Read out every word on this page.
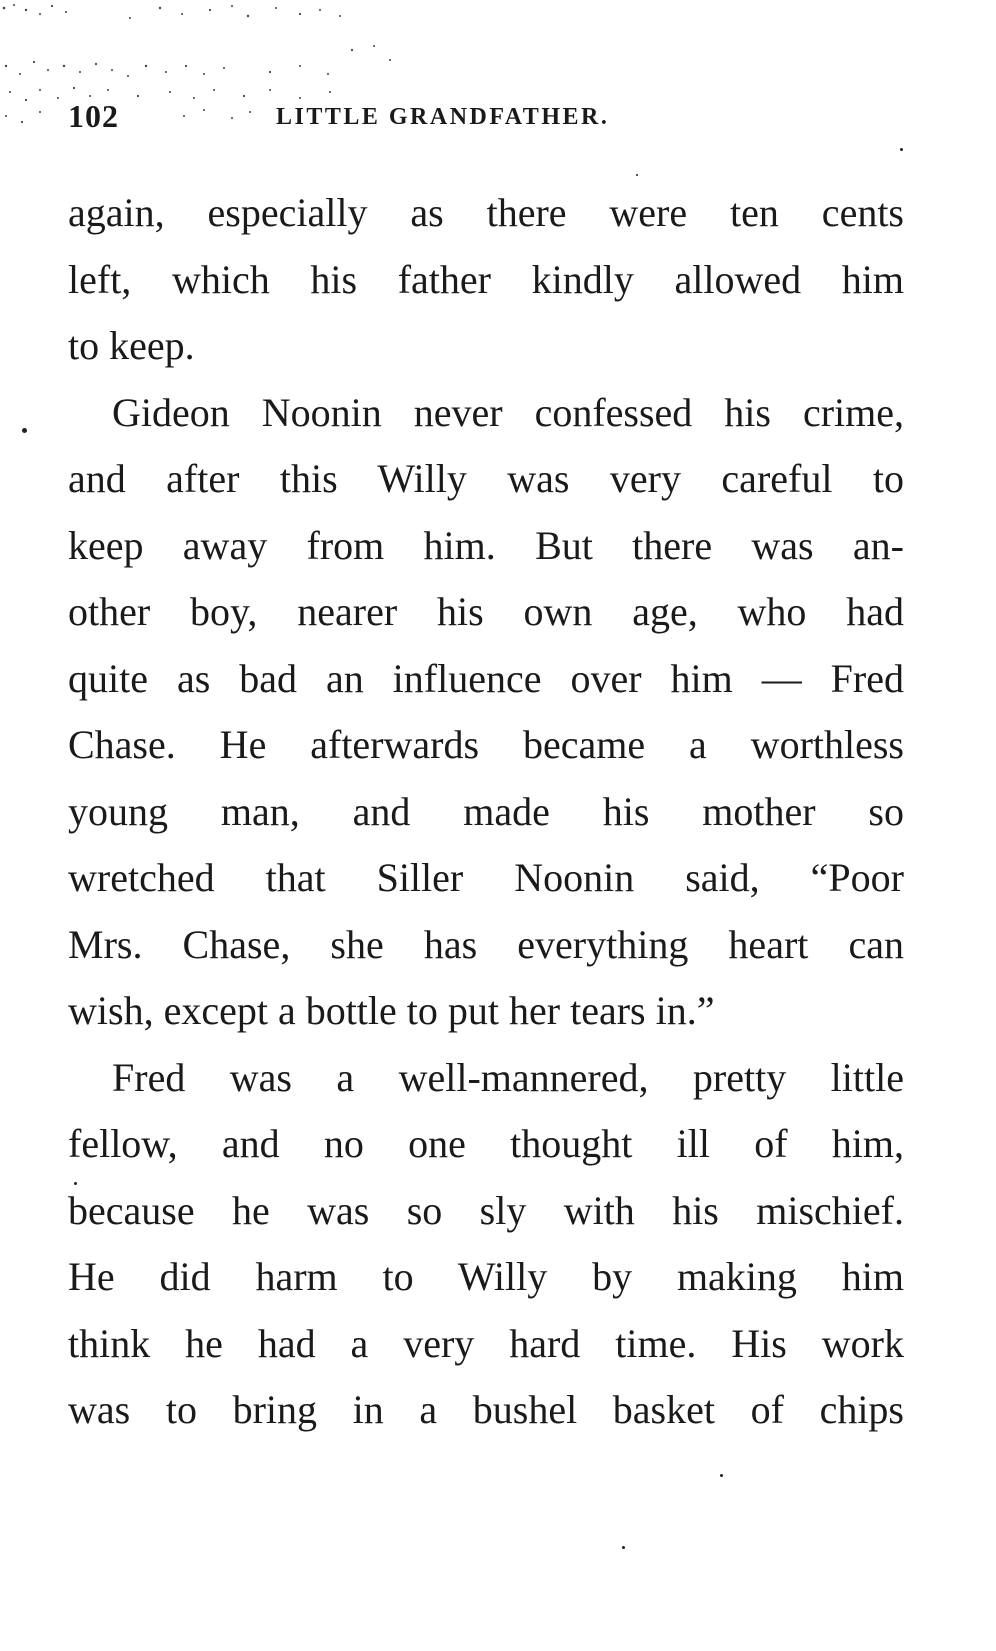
102	LITTLE GRANDFATHER.
again, especially as there were ten cents
left, which his father kindly allowed him
to keep.
Gideon Noonin never confessed his crime,
and after this Willy was very careful to
keep away from him. But there was an-
other boy, nearer his own age, who had
quite as bad an influence over him — Fred
Chase. He afterwards became a worthless
young man, and made his mother so
wretched that Siller Noonin said, “Poor
Mrs. Chase, she has everything heart can
wish, except a bottle to put her tears in.”
Fred was a well-mannered, pretty little
fellow, and no one thought ill of him,
because he was so sly with his mischief.
He did harm to Willy by making him
think he had a very hard time. His work
was to bring in a bushel basket of chips
